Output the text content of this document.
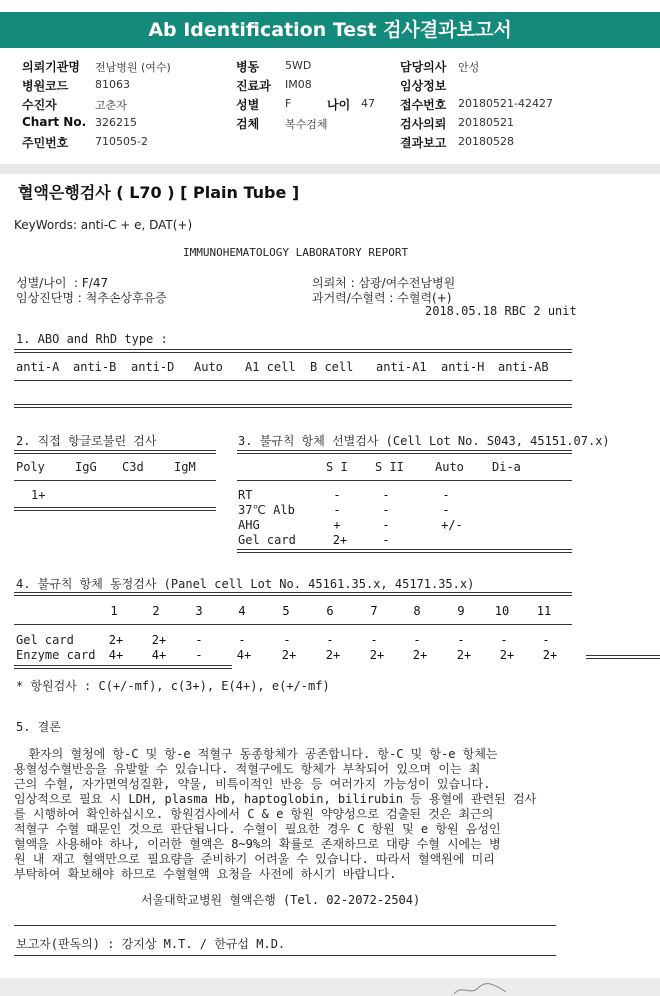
Ab Identification Test 검사결과보고서
의뢰기관명 전남병원 (여수)
병원코드 81063
수진자	고춘자
Chart No. 326215
주민번호 710505-2
병동 5WD
진료과 IM08
성별 F	나이 47
검체 복수검체
담당의사 안성
임상정보
접수번호 20180521-42427
검사의뢰 20180521
결과보고 20180528
혈액은행검사 ( L70 ) [ Plain Tube ]
KeyWords: anti-C + e, DAT(+)
IMMUNOHEMATOLOGY LABORATORY REPORT
성별/나이  : F/47
임상진단명 : 척추손상후유증
의뢰처 : 삼광/여수전남병원
과거력/수혈력 : 수혈력(+)
2018.05.18 RBC 2 unit
1. ABO and RhD type :
anti-A anti-B anti-D Auto A1 cell B cell anti-A1 anti-H anti-AB
2. 직접 항글로불린 검사
Poly	IgG C3d	IgM
1+
3. 불규칙 항체 선별검사 (Cell Lot No. S043, 45151.07.x)
S I S II	Auto Di-a
RT	-	-	-
37℃ Alb	-	-	-
AHG	+	-	+/-
Gel card	2+	-
4. 불규칙 항체 동정검사 (Panel cell Lot No. 45161.35.x, 45171.35.x)
1	2	3	4	5	6	7	8	9	10	11
Gel card	2+	2+	-	-	-	-	-	-	-	-	-
Enzyme card	4+	4+	-	4+	2+	2+	2+	2+	2+	2+	2+
* 항원검사 : C(+/-mf), c(3+), E(4+), e(+/-mf)
5. 결론
환자의 혈청에 항-C 및 항-e 적혈구 동종항체가 공존합니다. 항-C 및 항-e 항체는
용혈성수혈반응을 유발할 수 있습니다. 적혈구에도 항체가 부착되어 있으며 이는 최
근의 수혈, 자가면역성질환, 약물, 비특이적인 반응 등 여러가지 가능성이 있습니다.
임상적으로 필요 시 LDH, plasma Hb, haptoglobin, bilirubin 등 용혈에 관련된 검사
를 시행하여 확인하십시오. 항원검사에서 C & e 항원 약양성으로 검출된 것은 최근의
적혈구 수혈 때문인 것으로 판단됩니다. 수혈이 필요한 경우 C 항원 및 e 항원 음성인
혈액을 사용해야 하나, 이러한 혈액은 8~9%의 확률로 존재하므로 대량 수혈 시에는 병
원 내 재고 혈액만으로 필요량을 준비하기 어려울 수 있습니다. 따라서 혈액원에 미리
부탁하여 확보해야 하므로 수혈혈액 요청을 사전에 하시기 바랍니다.
서울대학교병원 혈액은행 (Tel. 02-2072-2504)
보고자(판독의) : 강지상 M.T. / 한규섭 M.D.
